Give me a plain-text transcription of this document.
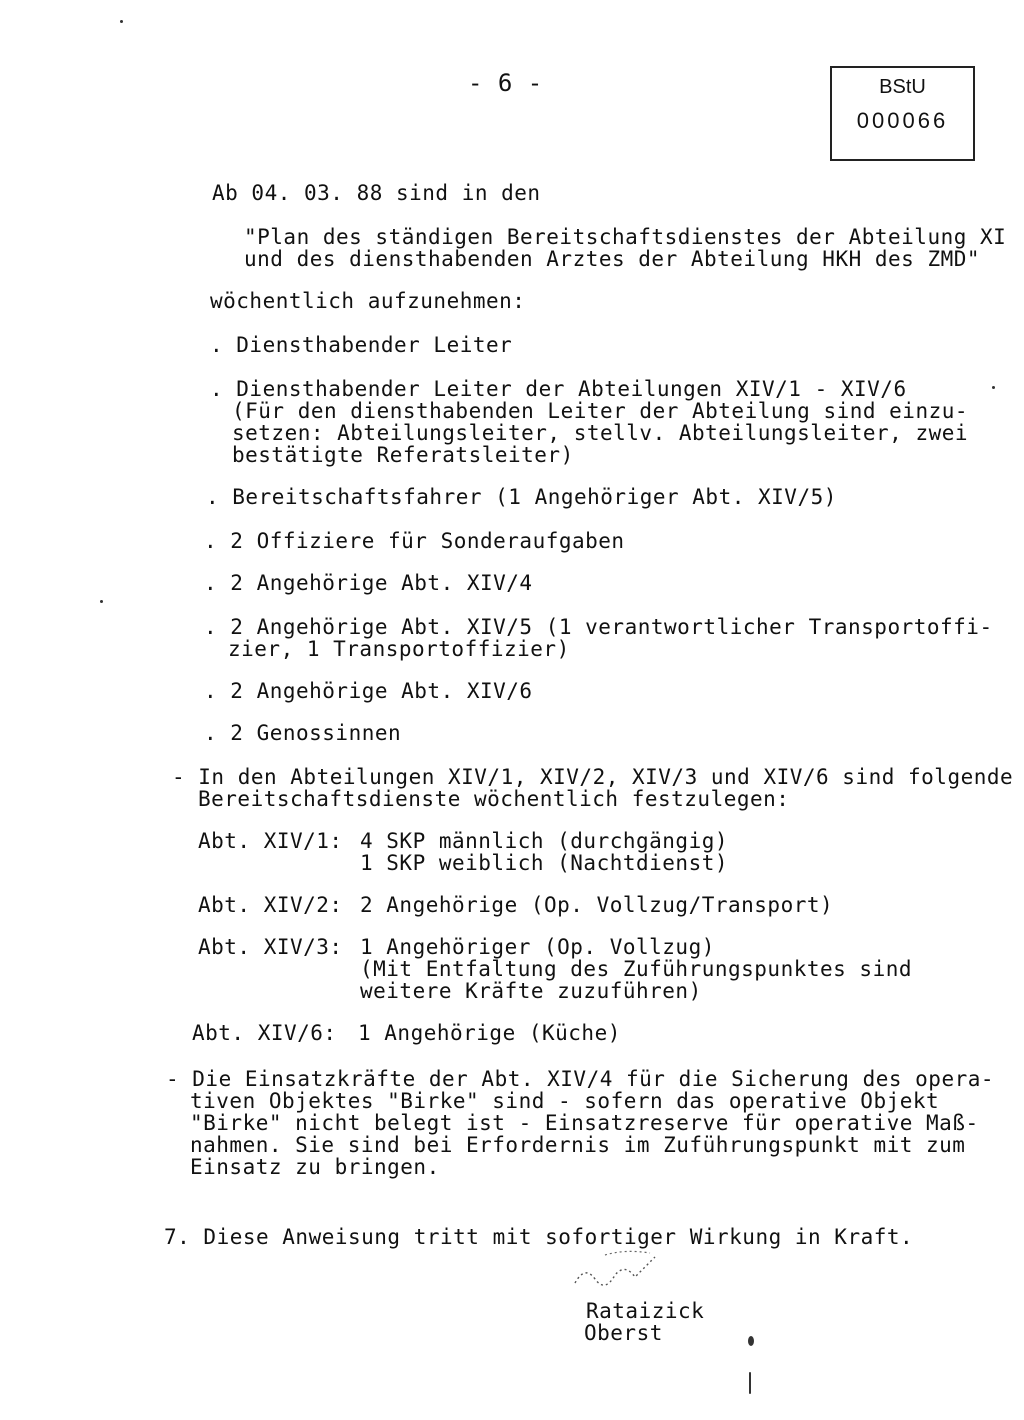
- 6 -	BStU
000066
Ab 04. 03. 88 sind in den
"Plan des ständigen Bereitschaftsdienstes der Abteilung XI
und des diensthabenden Arztes der Abteilung HKH des ZMD"
wöchentlich aufzunehmen:
. Diensthabender Leiter
. Diensthabender Leiter der Abteilungen XIV/1 - XIV/6
(Für den diensthabenden Leiter der Abteilung sind einzu-
setzen: Abteilungsleiter, stellv. Abteilungsleiter, zwei
bestätigte Referatsleiter)
. Bereitschaftsfahrer (1 Angehöriger Abt. XIV/5)
. 2 Offiziere für Sonderaufgaben
. 2 Angehörige Abt. XIV/4
. 2 Angehörige Abt. XIV/5 (1 verantwortlicher Transportoffi-
zier, 1 Transportoffizier)
. 2 Angehörige Abt. XIV/6
. 2 Genossinnen
- In den Abteilungen XIV/1, XIV/2, XIV/3 und XIV/6 sind folgende
Bereitschaftsdienste wöchentlich festzulegen:
Abt. XIV/1: 4 SKP männlich (durchgängig)
1 SKP weiblich (Nachtdienst)
Abt. XIV/2: 2 Angehörige (Op. Vollzug/Transport)
Abt. XIV/3: 1 Angehöriger (Op. Vollzug)
(Mit Entfaltung des Zuführungspunktes sind
weitere Kräfte zuzuführen)
Abt. XIV/6: 1 Angehörige (Küche)
- Die Einsatzkräfte der Abt. XIV/4 für die Sicherung des opera-
tiven Objektes "Birke" sind - sofern das operative Objekt
"Birke" nicht belegt ist - Einsatzreserve für operative Maß-
nahmen. Sie sind bei Erfordernis im Zuführungspunkt mit zum
Einsatz zu bringen.
7. Diese Anweisung tritt mit sofortiger Wirkung in Kraft.
Rataizick
Oberst
